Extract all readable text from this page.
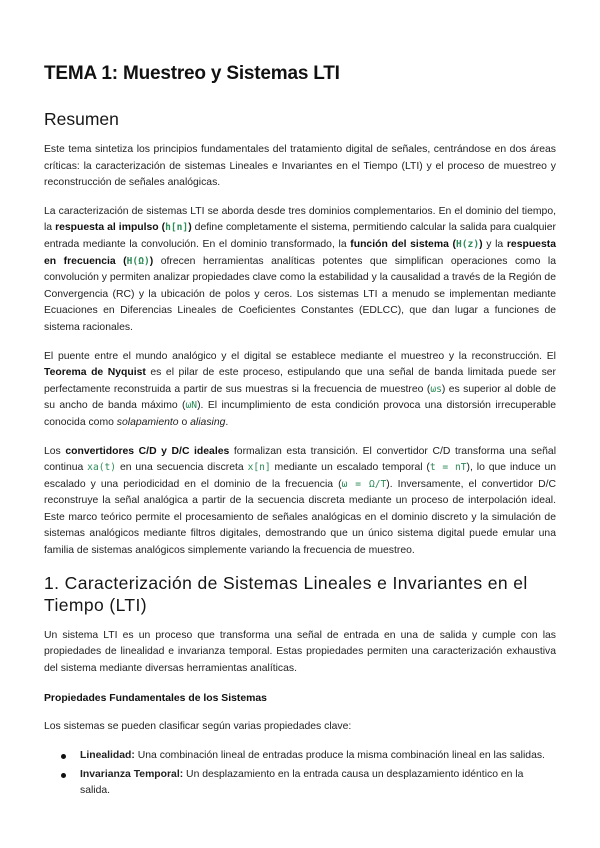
TEMA 1: Muestreo y Sistemas LTI
Resumen

Este tema sintetiza los principios fundamentales del tratamiento digital de señales, centrándose en dos áreas críticas: la caracterización de sistemas Lineales e Invariantes en el Tiempo (LTI) y el proceso de muestreo y reconstrucción de señales analógicas.

La caracterización de sistemas LTI se aborda desde tres dominios complementarios. En el dominio del tiempo, la respuesta al impulso (h[n]) define completamente el sistema, permitiendo calcular la salida para cualquier entrada mediante la convolución. En el dominio transformado, la función del sistema (H(z)) y la respuesta en frecuencia (H(Ω)) ofrecen herramientas analíticas potentes que simplifican operaciones como la convolución y permiten analizar propiedades clave como la estabilidad y la causalidad a través de la Región de Convergencia (RC) y la ubicación de polos y ceros. Los sistemas LTI a menudo se implementan mediante Ecuaciones en Diferencias Lineales de Coeficientes Constantes (EDLCC), que dan lugar a funciones de sistema racionales.

El puente entre el mundo analógico y el digital se establece mediante el muestreo y la reconstrucción. El Teorema de Nyquist es el pilar de este proceso, estipulando que una señal de banda limitada puede ser perfectamente reconstruida a partir de sus muestras si la frecuencia de muestreo (ωs) es superior al doble de su ancho de banda máximo (ωN). El incumplimiento de esta condición provoca una distorsión irrecuperable conocida como solapamiento o aliasing.

Los convertidores C/D y D/C ideales formalizan esta transición. El convertidor C/D transforma una señal continua xa(t) en una secuencia discreta x[n] mediante un escalado temporal (t = nT), lo que induce un escalado y una periodicidad en el dominio de la frecuencia (ω = Ω/T). Inversamente, el convertidor D/C reconstruye la señal analógica a partir de la secuencia discreta mediante un proceso de interpolación ideal. Este marco teórico permite el procesamiento de señales analógicas en el dominio discreto y la simulación de sistemas analógicos mediante filtros digitales, demostrando que un único sistema digital puede emular una familia de sistemas analógicos simplemente variando la frecuencia de muestreo.

1. Caracterización de Sistemas Lineales e Invariantes en el Tiempo (LTI)

Un sistema LTI es un proceso que transforma una señal de entrada en una de salida y cumple con las propiedades de linealidad e invarianza temporal. Estas propiedades permiten una caracterización exhaustiva del sistema mediante diversas herramientas analíticas.

Propiedades Fundamentales de los Sistemas

Los sistemas se pueden clasificar según varias propiedades clave:

Linealidad: Una combinación lineal de entradas produce la misma combinación lineal en las salidas.
Invarianza Temporal: Un desplazamiento en la entrada causa un desplazamiento idéntico en la salida.
